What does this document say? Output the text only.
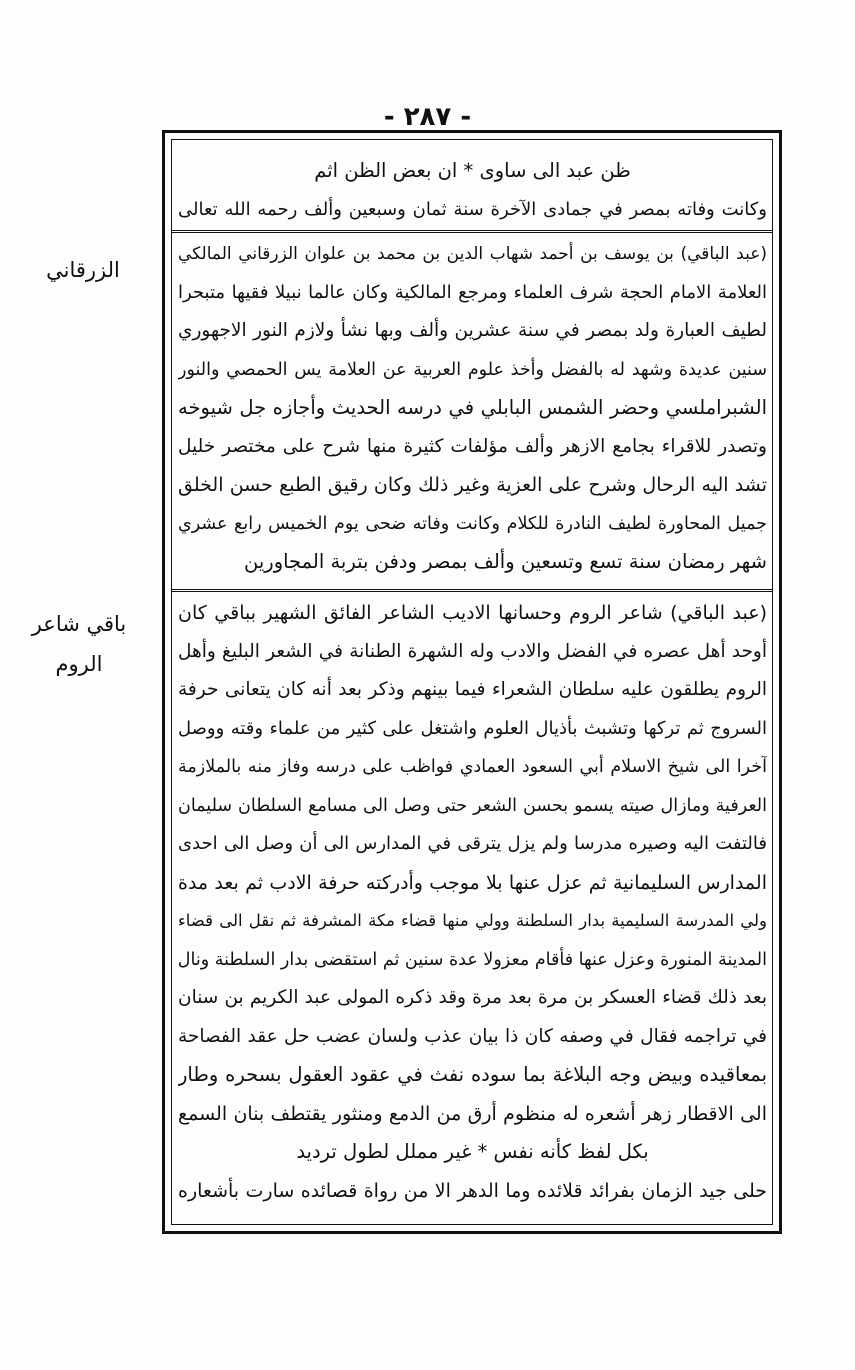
- ٢٨٧ -
ظن عبد الى ساوى * ان بعض الظن اثم
وكانت وفاته بمصر في جمادى الآخرة سنة ثمان وسبعين وألف رحمه الله تعالى
الزرقاني
(عبد الباقي) بن يوسف بن أحمد شهاب الدين بن محمد بن علوان الزرقاني المالكي
العلامة الامام الحجة شرف العلماء ومرجع المالكية وكان عالما نبيلا فقيها متبحرا
لطيف العبارة ولد بمصر في سنة عشرين وألف وبها نشأ ولازم النور الاجهوري
سنين عديدة وشهد له بالفضل وأخذ علوم العربية عن العلامة يس الحمصي والنور
الشبراملسي وحضر الشمس البابلي في درسه الحديث وأجازه جل شيوخه
وتصدر للاقراء بجامع الازهر وألف مؤلفات كثيرة منها شرح على مختصر خليل
تشد اليه الرحال وشرح على العزية وغير ذلك وكان رقيق الطبع حسن الخلق
جميل المحاورة لطيف النادرة للكلام وكانت وفاته ضحى يوم الخميس رابع عشري
شهر رمضان سنة تسع وتسعين وألف بمصر ودفن بتربة المجاورين
باقي شاعر
الروم
(عبد الباقي) شاعر الروم وحسانها الاديب الشاعر الفائق الشهير بباقي كان
أوحد أهل عصره في الفضل والادب وله الشهرة الطنانة في الشعر البليغ وأهل
الروم يطلقون عليه سلطان الشعراء فيما بينهم وذكر بعد أنه كان يتعانى حرفة
السروج ثم تركها وتشبث بأذيال العلوم واشتغل على كثير من علماء وقته ووصل
آخرا الى شيخ الاسلام أبي السعود العمادي فواظب على درسه وفاز منه بالملازمة
العرفية ومازال صيته يسمو بحسن الشعر حتى وصل الى مسامع السلطان سليمان
فالتفت اليه وصيره مدرسا ولم يزل يترقى في المدارس الى أن وصل الى احدى
المدارس السليمانية ثم عزل عنها بلا موجب وأدركته حرفة الادب ثم بعد مدة
ولي المدرسة السليمية بدار السلطنة وولي منها قضاء مكة المشرفة ثم نقل الى قضاء
المدينة المنورة وعزل عنها فأقام معزولا عدة سنين ثم استقضى بدار السلطنة ونال
بعد ذلك قضاء العسكر بن مرة بعد مرة وقد ذكره المولى عبد الكريم بن سنان
في تراجمه فقال في وصفه كان ذا بيان عذب ولسان عضب حل عقد الفصاحة
بمعاقيده وبيض وجه البلاغة بما سوده نفث في عقود العقول بسحره وطار
الى الاقطار زهر أشعره له منظوم أرق من الدمع ومنثور يقتطف بنان السمع
بكل لفظ كأنه نفس * غير مملل لطول ترديد
حلى جيد الزمان بفرائد قلائده وما الدهر الا من رواة قصائده سارت بأشعاره
